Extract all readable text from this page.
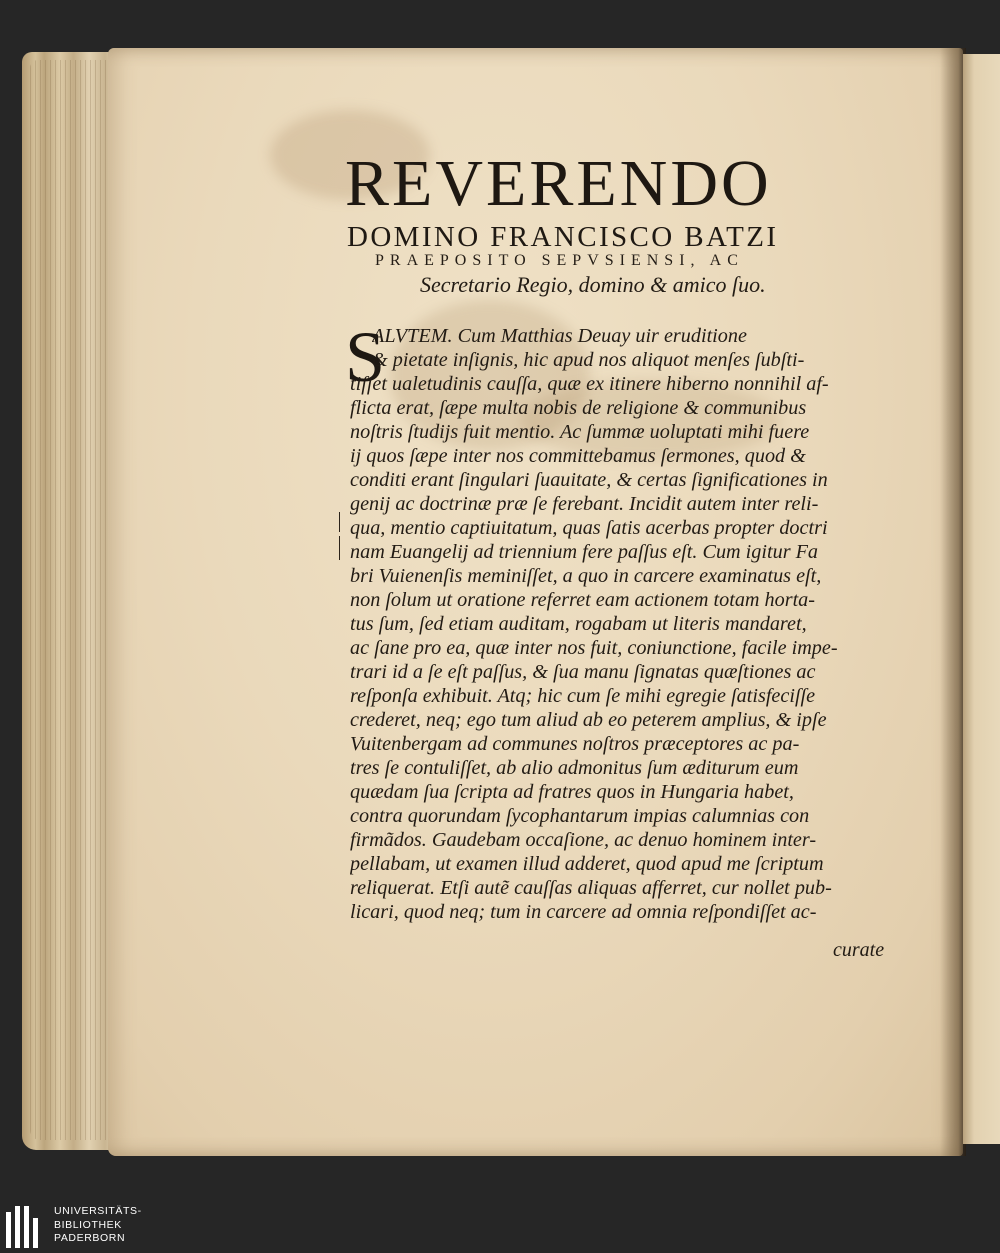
REVERENDO
DOMINO FRANCISCO BATZI
PRAEPOSITO SEPVSIENSI, AC
Secretario Regio, domino & amico ſuo.
S
ALVTEM. Cum Matthias Deuay uir eruditione
& pietate inſignis, hic apud nos aliquot menſes ſubſti-
tiſſet ualetudinis cauſſa, quæ ex itinere hiberno nonnihil af-
flicta erat, ſæpe multa nobis de religione & communibus
noſtris ſtudijs fuit mentio. Ac ſummæ uoluptati mihi fuere
ij quos ſæpe inter nos committebamus ſermones, quod &
conditi erant ſingulari ſuauitate, & certas ſignificationes in
genij ac doctrinæ præ ſe ferebant. Incidit autem inter reli-
qua, mentio captiuitatum, quas ſatis acerbas propter doctri
nam Euangelij ad triennium fere paſſus eſt. Cum igitur Fa
bri Vuienenſis meminiſſet, a quo in carcere examinatus eſt,
non ſolum ut oratione referret eam actionem totam horta-
tus ſum, ſed etiam auditam, rogabam ut literis mandaret,
ac ſane pro ea, quæ inter nos fuit, coniunctione, facile impe-
trari id a ſe eſt paſſus, & ſua manu ſignatas quæſtiones ac
reſponſa exhibuit. Atq; hic cum ſe mihi egregie ſatisfeciſſe
crederet, neq; ego tum aliud ab eo peterem amplius, & ipſe
Vuitenbergam ad communes noſtros præceptores ac pa-
tres ſe contuliſſet, ab alio admonitus ſum æditurum eum
quædam ſua ſcripta ad fratres quos in Hungaria habet,
contra quorundam ſycophantarum impias calumnias con
firmãdos. Gaudebam occaſione, ac denuo hominem inter-
pellabam, ut examen illud adderet, quod apud me ſcriptum
reliquerat. Etſi autẽ cauſſas aliquas afferret, cur nollet pub-
licari, quod neq; tum in carcere ad omnia reſpondiſſet ac-
curate
UNIVERSITÄTS-
BIBLIOTHEK
PADERBORN
